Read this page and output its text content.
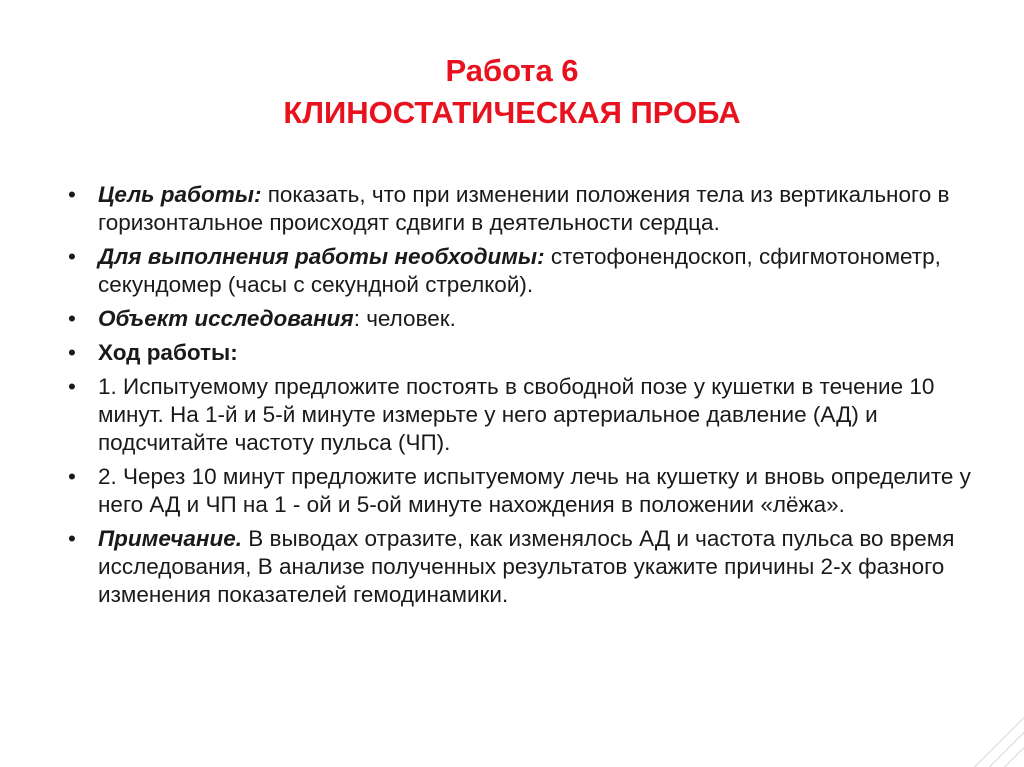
Работа 6
КЛИНОСТАТИЧЕСКАЯ ПРОБА
• Цель работы: показать, что при изменении положения тела из вертикального в горизонтальное происходят сдвиги в деятельности сердца.
• Для выполнения работы необходимы: стетофонендоскоп, сфигмотонометр, секундомер (часы с секундной стрелкой).
• Объект исследования: человек.
• Ход работы:
• 1. Испытуемому предложите постоять в свободной позе у кушетки в течение 10 минут. На 1-й и 5-й минуте измерьте у него артериальное давление (АД) и подсчитайте частоту пульса (ЧП).
• 2. Через 10 минут предложите испытуемому лечь на кушетку и вновь определите у него АД и ЧП на 1 - ой и 5-ой минуте нахождения в положении «лёжа».
• Примечание. В выводах отразите, как изменялось АД и частота пульса во время исследования, В анализе полученных результатов укажите причины 2-х фазного изменения показателей гемодинамики.
